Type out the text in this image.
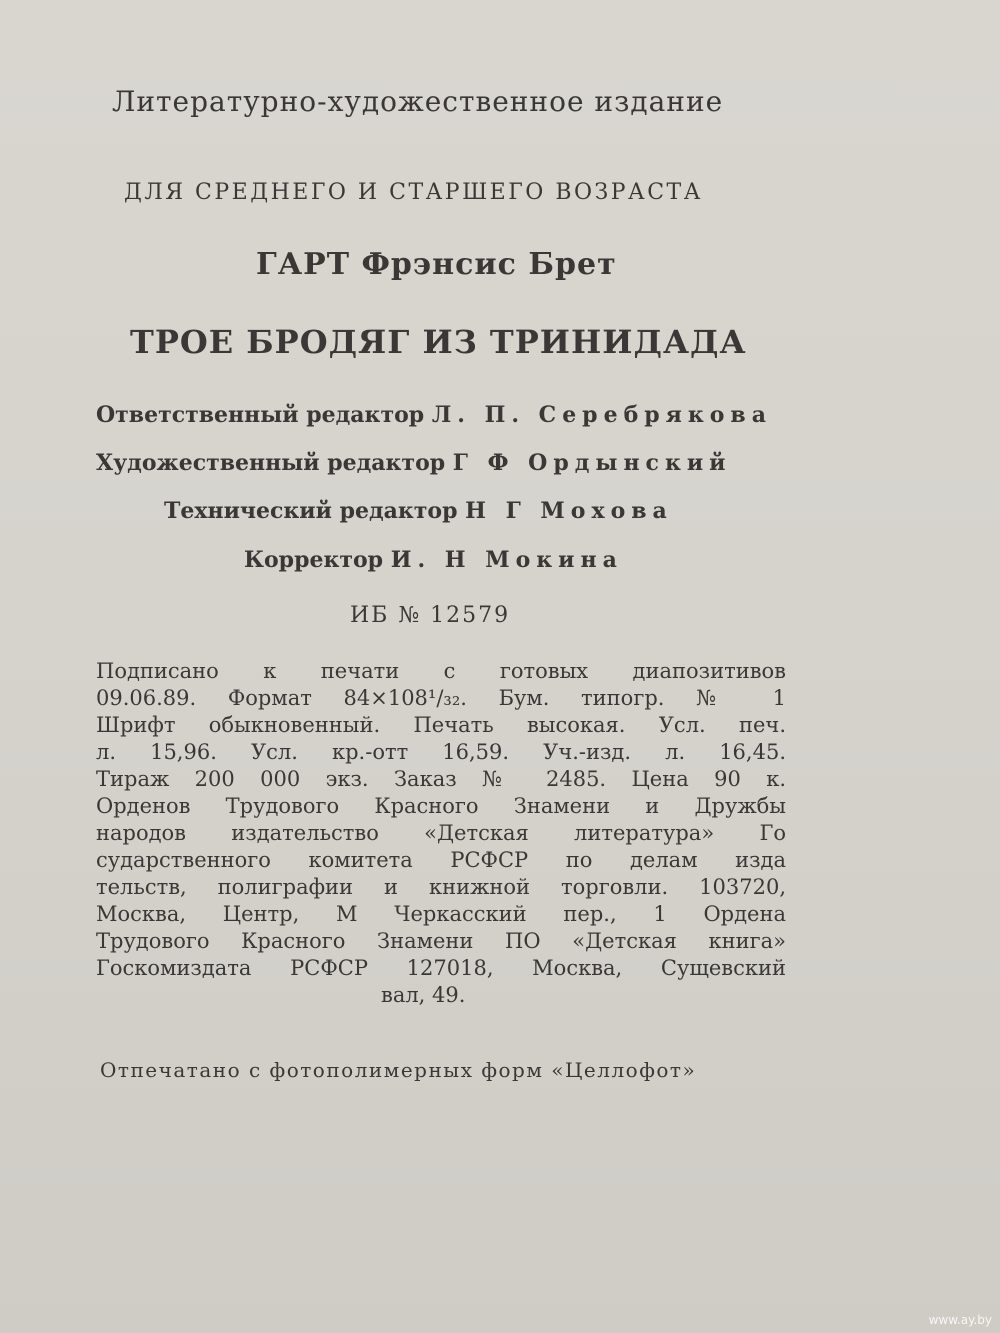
Литературно-художественное издание
ДЛЯ СРЕДНЕГО И СТАРШЕГО ВОЗРАСТА
ГАРТ Фрэнсис Брет
ТРОЕ БРОДЯГ ИЗ ТРИНИДАДА
Ответственный редактор Л. П. Серебрякова
Художественный редактор Г Ф Ордынский
Технический редактор Н Г Мохова
Корректор И. Н Мокина
ИБ № 12579
Подписано к печати с готовых диапозитивов
09.06.89. Формат 84×108¹/₃₂. Бум. типогр. № 1
Шрифт обыкновенный. Печать высокая. Усл. печ.
л. 15,96. Усл. кр.-отт 16,59. Уч.-изд. л. 16,45.
Тираж 200 000 экз. Заказ № 2485. Цена 90 к.
Орденов Трудового Красного Знамени и Дружбы
народов издательство «Детская литература» Го
сударственного комитета РСФСР по делам изда
тельств, полиграфии и книжной торговли. 103720,
Москва, Центр, М Черкасский пер., 1 Ордена
Трудового Красного Знамени ПО «Детская книга»
Госкомиздата РСФСР 127018, Москва, Сущевский
вал, 49.
Отпечатано с фотополимерных форм «Целлофот»
www.ay.by
